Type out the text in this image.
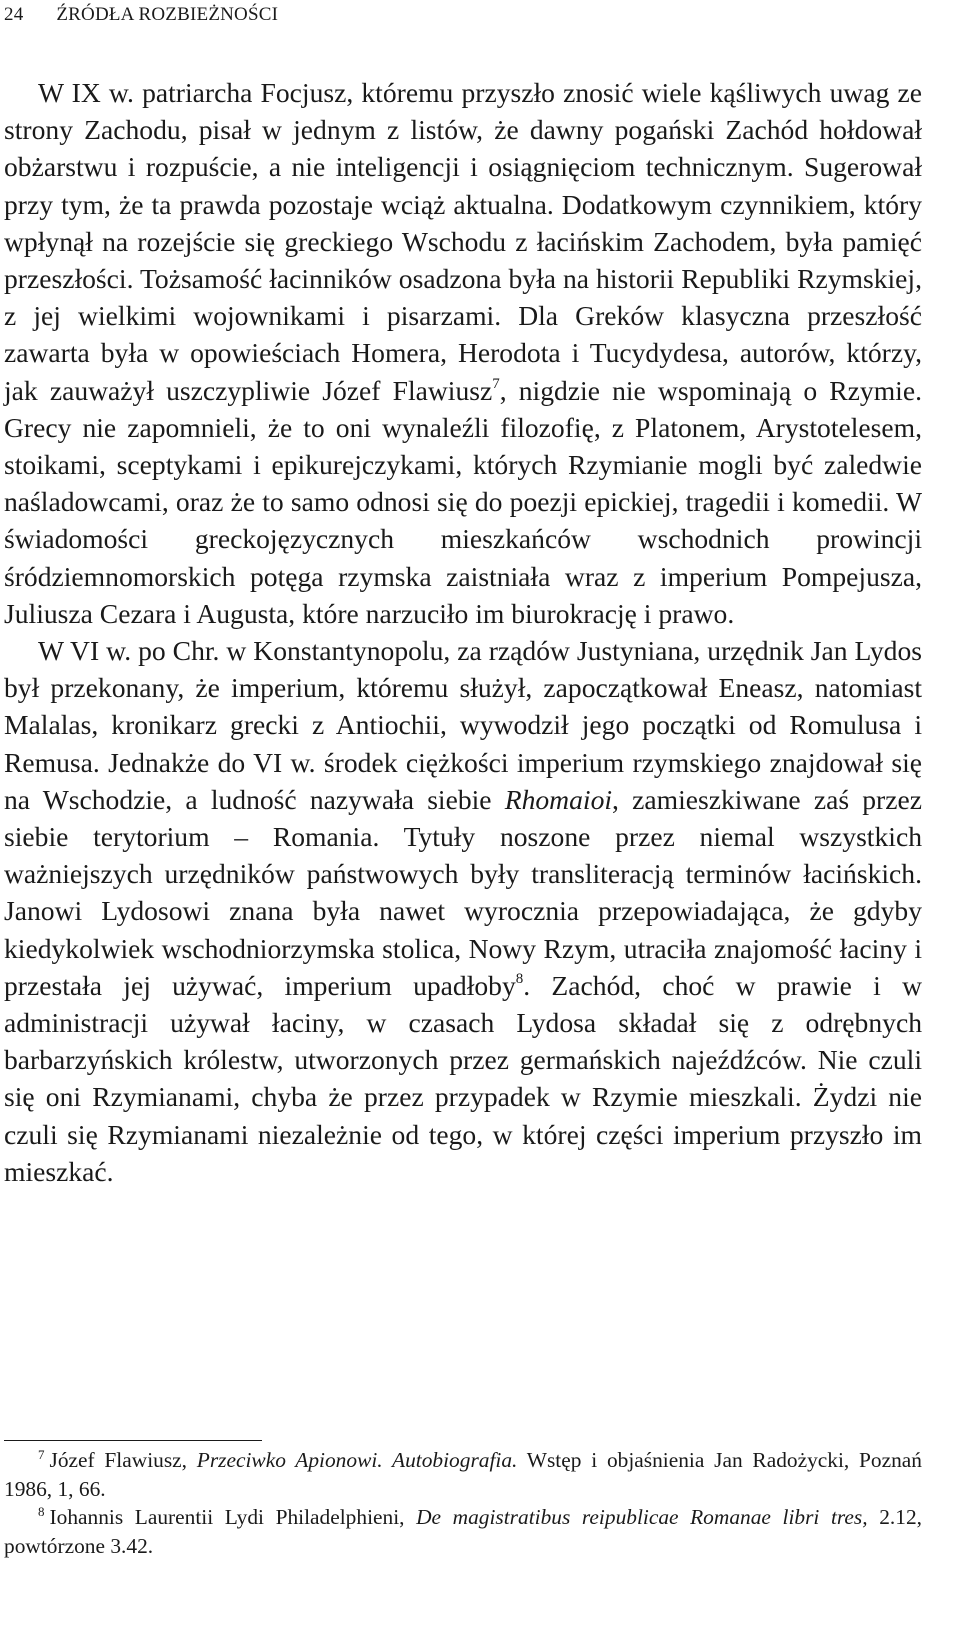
24 ŹRÓDŁA ROZBIEŻNOŚCI

W IX w. patriarcha Focjusz, któremu przyszło znosić wiele kąśliwych uwag ze strony Zachodu, pisał w jednym z listów, że dawny pogański Zachód hołdował obżarstwu i rozpuście, a nie inteligencji i osiągnięciom technicznym. Sugerował przy tym, że ta prawda pozostaje wciąż aktualna. Dodatkowym czynnikiem, który wpłynął na rozejście się greckiego Wschodu z łacińskim Zachodem, była pamięć przeszłości. Tożsamość łacinników osadzona była na historii Republiki Rzymskiej, z jej wielkimi wojownikami i pisarzami. Dla Greków klasyczna przeszłość zawarta była w opowieściach Homera, Herodota i Tucydydesa, autorów, którzy, jak zauważył uszczypliwie Józef Flawiusz$^7$, nigdzie nie wspominają o Rzymie. Grecy nie zapomnieli, że to oni wynaleźli filozofię, z Platonem, Arystotelesem, stoikami, sceptykami i epikurejczykami, których Rzymianie mogli być zaledwie naśladowcami, oraz że to samo odnosi się do poezji epickiej, tragedii i komedii. W świadomości greckojęzycznych mieszkańców wschodnich prowincji śródziemnomorskich potęga rzymska zaistniała wraz z imperium Pompejusza, Juliusza Cezara i Augusta, które narzuciło im biurokrację i prawo.

W VI w. po Chr. w Konstantynopolu, za rządów Justyniana, urzędnik Jan Lydos był przekonany, że imperium, któremu służył, zapoczątkował Eneasz, natomiast Malalas, kronikarz grecki z Antiochii, wywodził jego początki od Romulusa i Remusa. Jednakże do VI w. środek ciężkości imperium rzymskiego znajdował się na Wschodzie, a ludność nazywała siebie Rhomaioi, zamieszkiwane zaś przez siebie terytorium – Romania. Tytuły noszone przez niemal wszystkich ważniejszych urzędników państwowych były transliteracją terminów łacińskich. Janowi Lydosowi znana była nawet wyrocznia przepowiadająca, że gdyby kiedykolwiek wschodniorzymska stolica, Nowy Rzym, utraciła znajomość łaciny i przestała jej używać, imperium upadłoby$^8$. Zachód, choć w prawie i w administracji używał łaciny, w czasach Lydosa składał się z odrębnych barbarzyńskich królestw, utworzonych przez germańskich najeźdźców. Nie czuli się oni Rzymianami, chyba że przez przypadek w Rzymie mieszkali. Żydzi nie czuli się Rzymianami niezależnie od tego, w której części imperium przyszło im mieszkać.

$^7$ Józef Flawiusz, Przeciwko Apionowi. Autobiografia. Wstęp i objaśnienia Jan Radożycki, Poznań 1986, 1, 66.

$^8$ Iohannis Laurentii Lydi Philadelphieni, De magistratibus reipublicae Romanae libri tres, 2.12, powtórzone 3.42.
